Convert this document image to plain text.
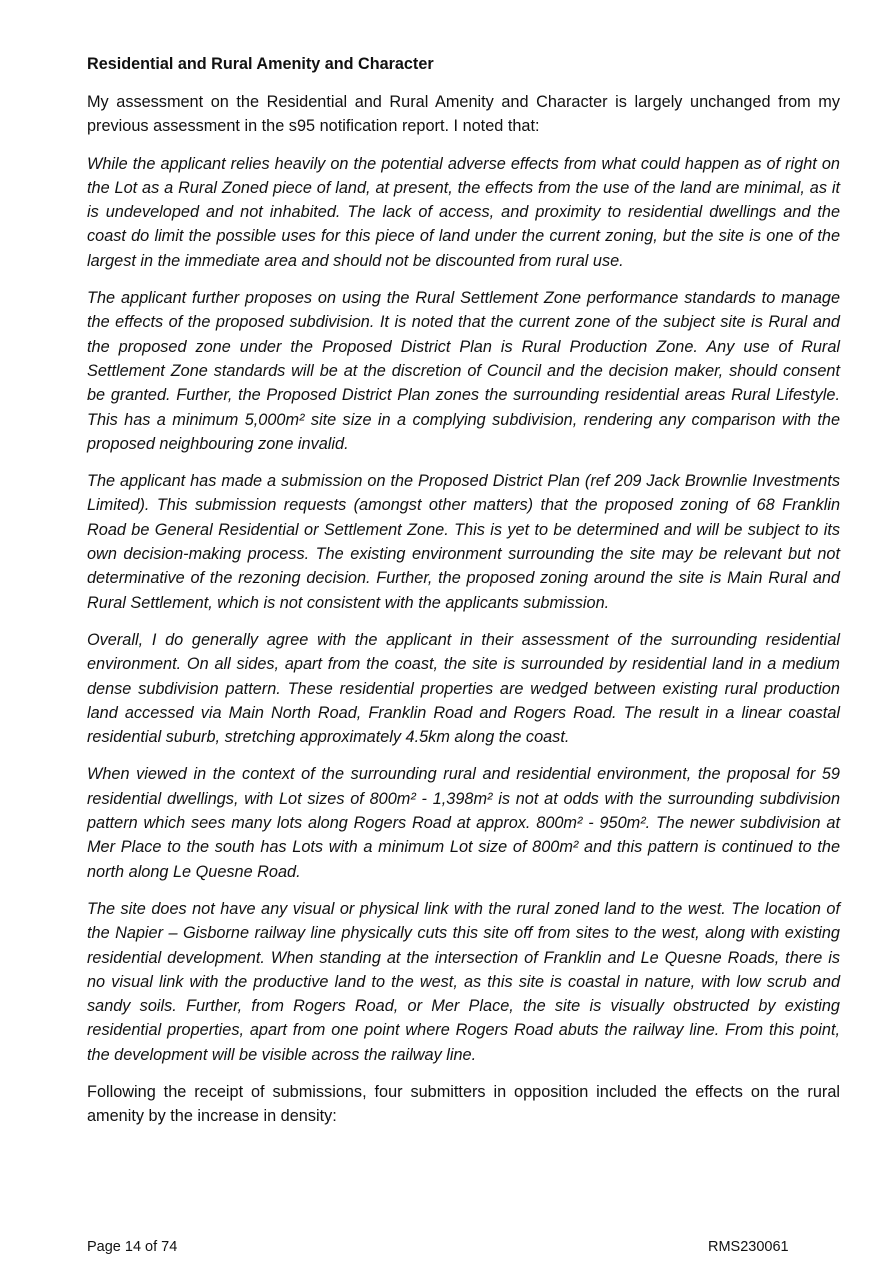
Residential and Rural Amenity and Character

My assessment on the Residential and Rural Amenity and Character is largely unchanged from my previous assessment in the s95 notification report. I noted that:

While the applicant relies heavily on the potential adverse effects from what could happen as of right on the Lot as a Rural Zoned piece of land, at present, the effects from the use of the land are minimal, as it is undeveloped and not inhabited. The lack of access, and proximity to residential dwellings and the coast do limit the possible uses for this piece of land under the current zoning, but the site is one of the largest in the immediate area and should not be discounted from rural use.

The applicant further proposes on using the Rural Settlement Zone performance standards to manage the effects of the proposed subdivision. It is noted that the current zone of the subject site is Rural and the proposed zone under the Proposed District Plan is Rural Production Zone. Any use of Rural Settlement Zone standards will be at the discretion of Council and the decision maker, should consent be granted. Further, the Proposed District Plan zones the surrounding residential areas Rural Lifestyle. This has a minimum 5,000m² site size in a complying subdivision, rendering any comparison with the proposed neighbouring zone invalid.

The applicant has made a submission on the Proposed District Plan (ref 209 Jack Brownlie Investments Limited). This submission requests (amongst other matters) that the proposed zoning of 68 Franklin Road be General Residential or Settlement Zone. This is yet to be determined and will be subject to its own decision-making process. The existing environment surrounding the site may be relevant but not determinative of the rezoning decision. Further, the proposed zoning around the site is Main Rural and Rural Settlement, which is not consistent with the applicants submission.

Overall, I do generally agree with the applicant in their assessment of the surrounding residential environment. On all sides, apart from the coast, the site is surrounded by residential land in a medium dense subdivision pattern. These residential properties are wedged between existing rural production land accessed via Main North Road, Franklin Road and Rogers Road. The result in a linear coastal residential suburb, stretching approximately 4.5km along the coast.

When viewed in the context of the surrounding rural and residential environment, the proposal for 59 residential dwellings, with Lot sizes of 800m² - 1,398m² is not at odds with the surrounding subdivision pattern which sees many lots along Rogers Road at approx. 800m² - 950m². The newer subdivision at Mer Place to the south has Lots with a minimum Lot size of 800m² and this pattern is continued to the north along Le Quesne Road.

The site does not have any visual or physical link with the rural zoned land to the west. The location of the Napier – Gisborne railway line physically cuts this site off from sites to the west, along with existing residential development. When standing at the intersection of Franklin and Le Quesne Roads, there is no visual link with the productive land to the west, as this site is coastal in nature, with low scrub and sandy soils. Further, from Rogers Road, or Mer Place, the site is visually obstructed by existing residential properties, apart from one point where Rogers Road abuts the railway line. From this point, the development will be visible across the railway line.

Following the receipt of submissions, four submitters in opposition included the effects on the rural amenity by the increase in density:

Page 14 of 74	RMS230061
